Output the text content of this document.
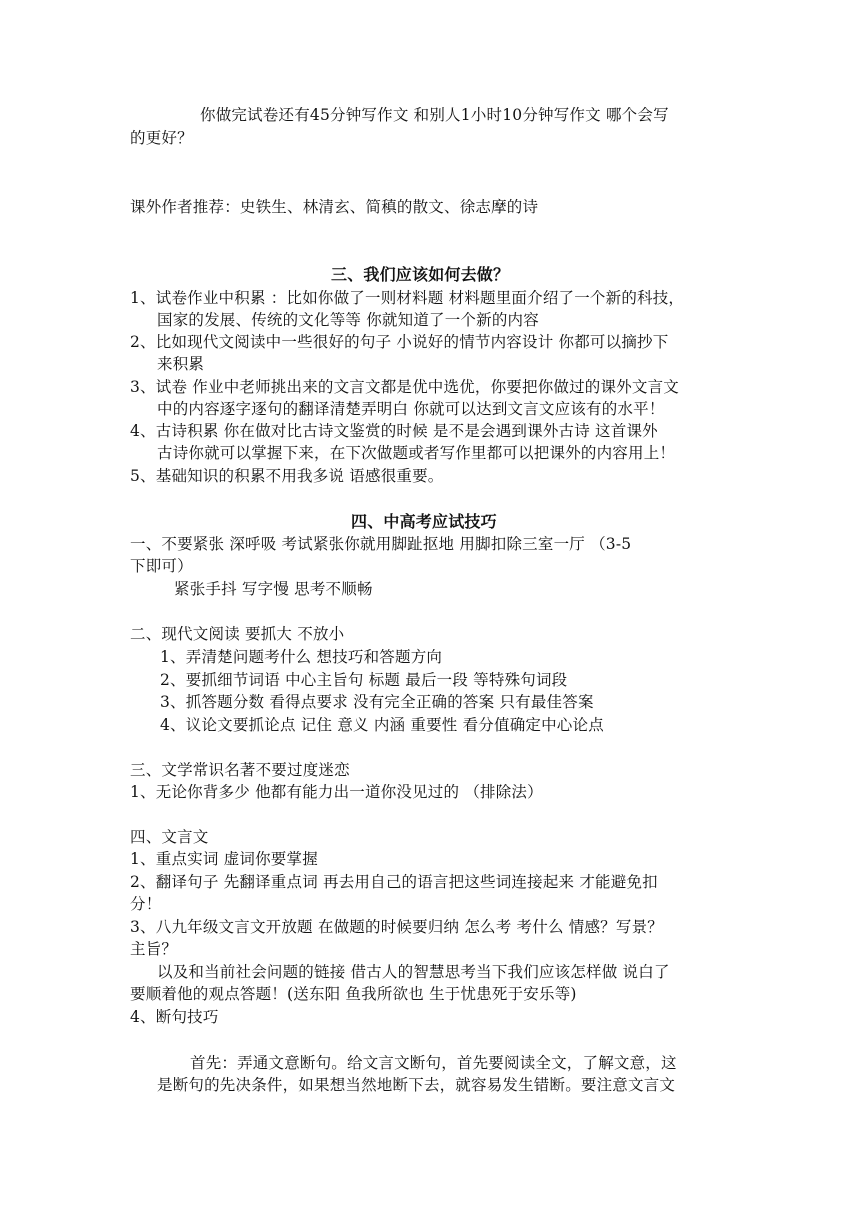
你做完试卷还有45分钟写作文 和别人1小时10分钟写作文 哪个会写
的更好？
课外作者推荐：史铁生、林清玄、简稹的散文、徐志摩的诗
三、我们应该如何去做？
1、试卷作业中积累 ：比如你做了一则材料题 材料题里面介绍了一个新的科技，
国家的发展、传统的文化等等 你就知道了一个新的内容
2、比如现代文阅读中一些很好的句子 小说好的情节内容设计 你都可以摘抄下
来积累
3、试卷 作业中老师挑出来的文言文都是优中选优，你要把你做过的课外文言文
中的内容逐字逐句的翻译清楚弄明白 你就可以达到文言文应该有的水平！
4、古诗积累 你在做对比古诗文鉴赏的时候 是不是会遇到课外古诗 这首课外
古诗你就可以掌握下来，在下次做题或者写作里都可以把课外的内容用上！
5、基础知识的积累不用我多说 语感很重要。
四、中高考应试技巧
一、不要紧张 深呼吸 考试紧张你就用脚趾抠地 用脚扣除三室一厅 （3-5
下即可）
紧张手抖 写字慢 思考不顺畅
二、现代文阅读 要抓大 不放小
1、弄清楚问题考什么 想技巧和答题方向
2、要抓细节词语 中心主旨句 标题 最后一段 等特殊句词段
3、抓答题分数 看得点要求 没有完全正确的答案 只有最佳答案
4、议论文要抓论点 记住 意义 内涵 重要性 看分值确定中心论点
三、文学常识名著不要过度迷恋
1、无论你背多少 他都有能力出一道你没见过的 （排除法）
四、文言文
1、重点实词 虚词你要掌握
2、翻译句子 先翻译重点词 再去用自己的语言把这些词连接起来 才能避免扣
分！
3、八九年级文言文开放题 在做题的时候要归纳 怎么考 考什么 情感？写景？
主旨？
以及和当前社会问题的链接 借古人的智慧思考当下我们应该怎样做 说白了
要顺着他的观点答题！(送东阳 鱼我所欲也 生于忧患死于安乐等)
4、断句技巧
首先：弄通文意断句。给文言文断句，首先要阅读全文，了解文意，这
是断句的先决条件，如果想当然地断下去，就容易发生错断。要注意文言文
